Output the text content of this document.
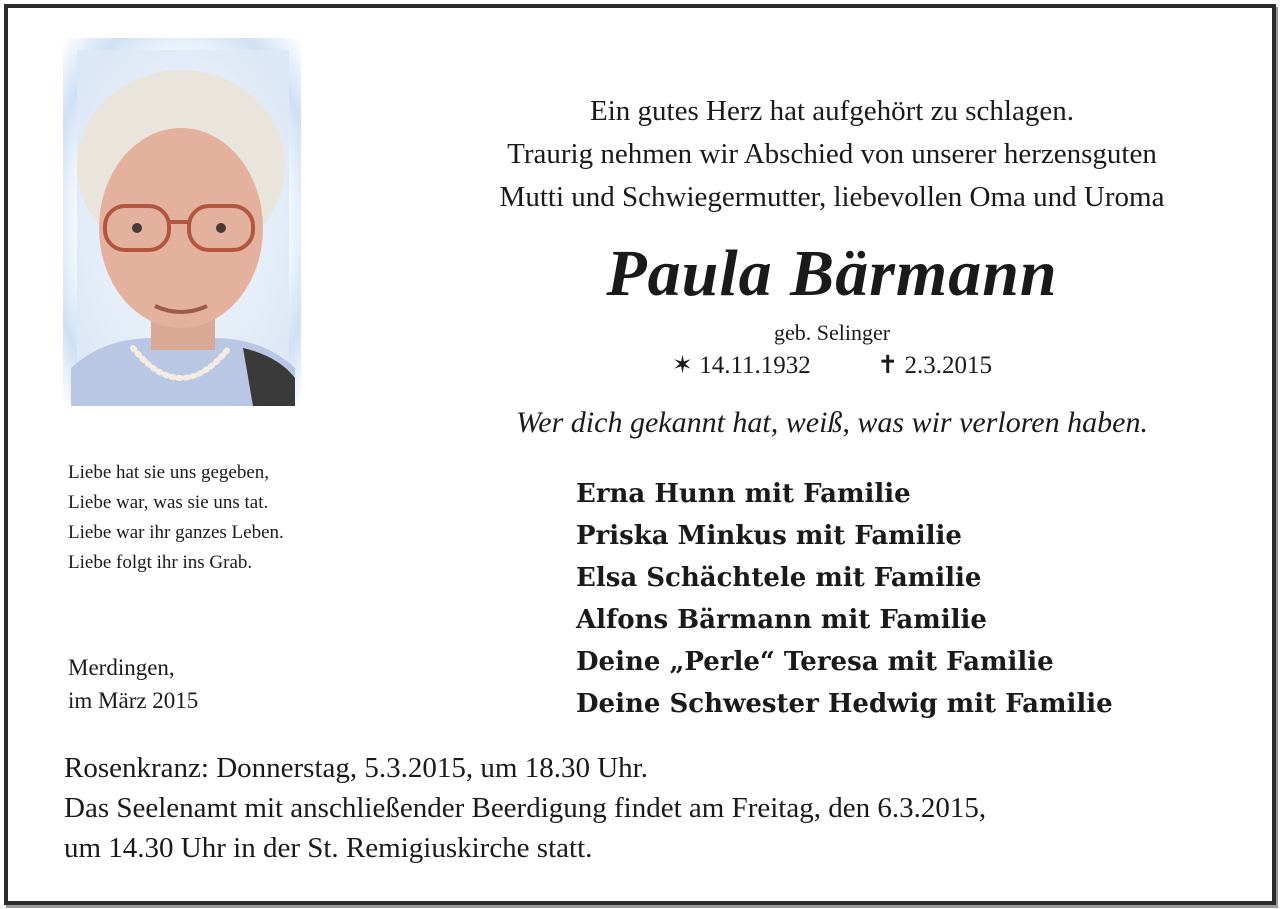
Ein gutes Herz hat aufgehört zu schlagen.
Traurig nehmen wir Abschied von unserer herzensguten
Mutti und Schwiegermutter, liebevollen Oma und Uroma
Paula Bärmann
geb. Selinger
✶ 14.11.1932	✝ 2.3.2015
Wer dich gekannt hat, weiß, was wir verloren haben.
Liebe hat sie uns gegeben,
Liebe war, was sie uns tat.
Liebe war ihr ganzes Leben.
Liebe folgt ihr ins Grab.
Merdingen,
im März 2015
Erna Hunn mit Familie
Priska Minkus mit Familie
Elsa Schächtele mit Familie
Alfons Bärmann mit Familie
Deine „Perle“ Teresa mit Familie
Deine Schwester Hedwig mit Familie
Rosenkranz: Donnerstag, 5.3.2015, um 18.30 Uhr.
Das Seelenamt mit anschließender Beerdigung findet am Freitag, den 6.3.2015,
um 14.30 Uhr in der St. Remigiuskirche statt.
